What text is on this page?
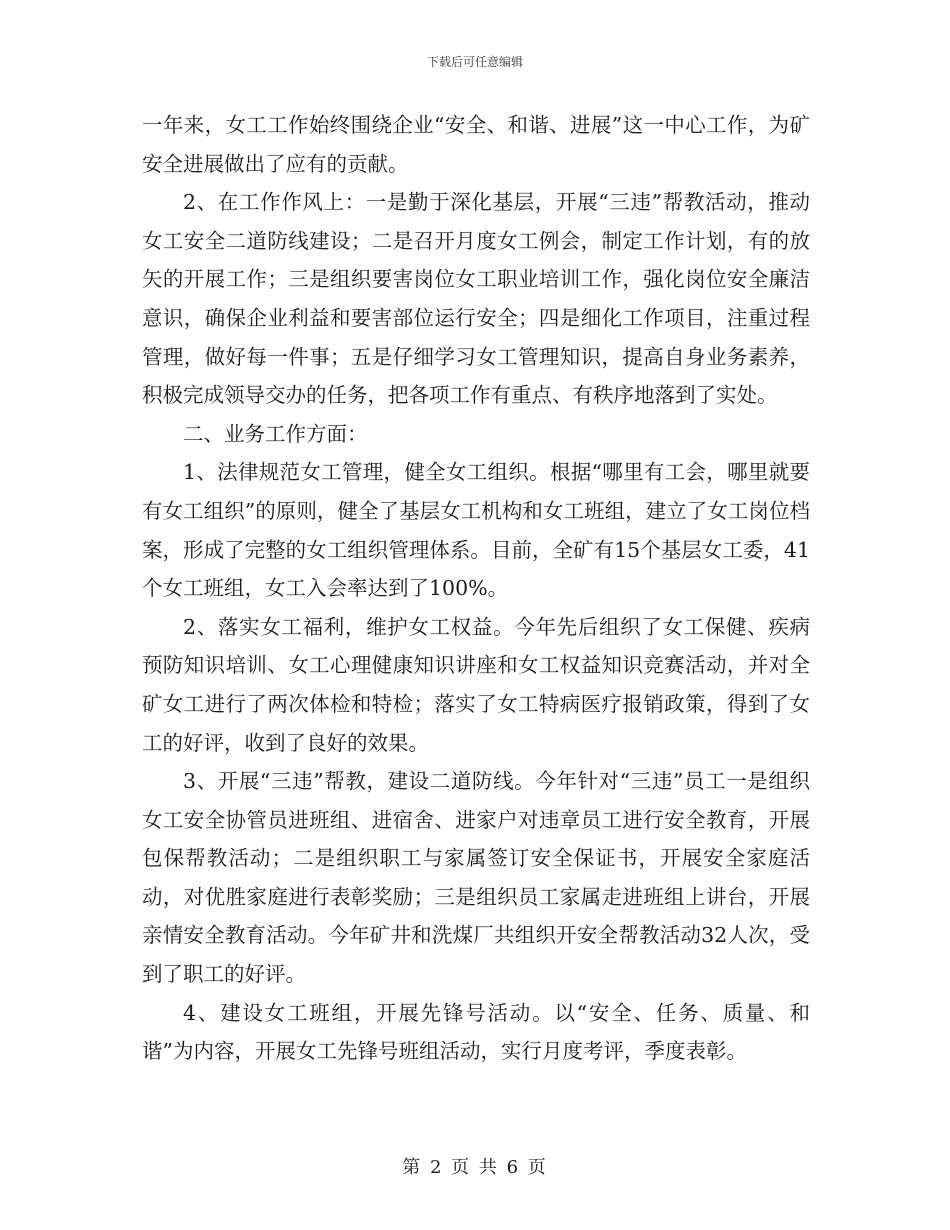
下载后可任意编辑

一年来，女工工作始终围绕企业“安全、和谐、进展”这一中心工作，为矿安全进展做出了应有的贡献。

2、在工作作风上：一是勤于深化基层，开展“三违”帮教活动，推动女工安全二道防线建设；二是召开月度女工例会，制定工作计划，有的放矢的开展工作；三是组织要害岗位女工职业培训工作，强化岗位安全廉洁意识，确保企业利益和要害部位运行安全；四是细化工作项目，注重过程管理，做好每一件事；五是仔细学习女工管理知识，提高自身业务素养，积极完成领导交办的任务，把各项工作有重点、有秩序地落到了实处。

二、业务工作方面：

1、法律规范女工管理，健全女工组织。根据“哪里有工会，哪里就要有女工组织”的原则，健全了基层女工机构和女工班组，建立了女工岗位档案，形成了完整的女工组织管理体系。目前，全矿有15个基层女工委，41个女工班组，女工入会率达到了100%。

2、落实女工福利，维护女工权益。今年先后组织了女工保健、疾病预防知识培训、女工心理健康知识讲座和女工权益知识竞赛活动，并对全矿女工进行了两次体检和特检；落实了女工特病医疗报销政策，得到了女工的好评，收到了良好的效果。

3、开展“三违”帮教，建设二道防线。今年针对“三违”员工一是组织女工安全协管员进班组、进宿舍、进家户对违章员工进行安全教育，开展包保帮教活动；二是组织职工与家属签订安全保证书，开展安全家庭活动，对优胜家庭进行表彰奖励；三是组织员工家属走进班组上讲台，开展亲情安全教育活动。今年矿井和洗煤厂共组织开安全帮教活动32人次，受到了职工的好评。

4、建设女工班组，开展先锋号活动。以“安全、任务、质量、和谐”为内容，开展女工先锋号班组活动，实行月度考评，季度表彰。

第 2 页 共 6 页
